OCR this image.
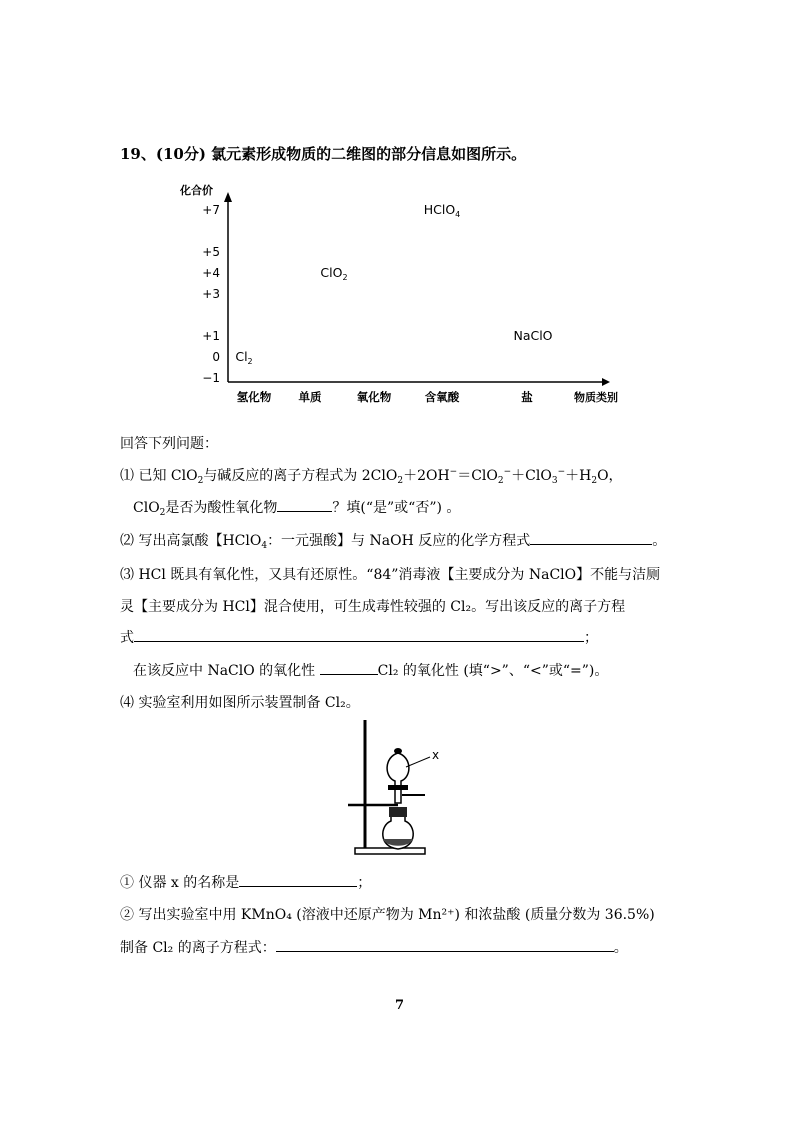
19、(10分) 氯元素形成物质的二维图的部分信息如图所示。
化合价
+7
+5
+4
+3
+1
0
−1
氢化物 单质	氧化物	含氧酸	盐	物质类别
HClO$_4$
ClO$_2$
NaClO
$Cl_2$
回答下列问题：
⑴ 已知 ClO$_2$与碱反应的离子方程式为 $2ClO_2+2OH^-=ClO_2^-+ClO_3^-+H_2O$，
ClO$_2$是否为酸性氧化物	？填(“是”或“否”) 。
⑵ 写出高氯酸【HClO$_4$：一元强酸】与 NaOH 反应的化学方程式	。
⑶ HCl 既具有氧化性，又具有还原性。“84”消毒液【主要成分为 NaClO】不能与洁厕
灵【主要成分为 HCl】混合使用，可生成毒性较强的 Cl₂。写出该反应的离子方程
式	；
在该反应中 NaClO 的氧化性	Cl₂ 的氧化性 (填“>”、“<”或“=”)。
⑷ 实验室利用如图所示装置制备 Cl₂。
x
① 仪器 x 的名称是	；
② 写出实验室中用 KMnO₄ (溶液中还原产物为 Mn²⁺) 和浓盐酸 (质量分数为 36.5%)
制备 Cl₂ 的离子方程式：	。
7
